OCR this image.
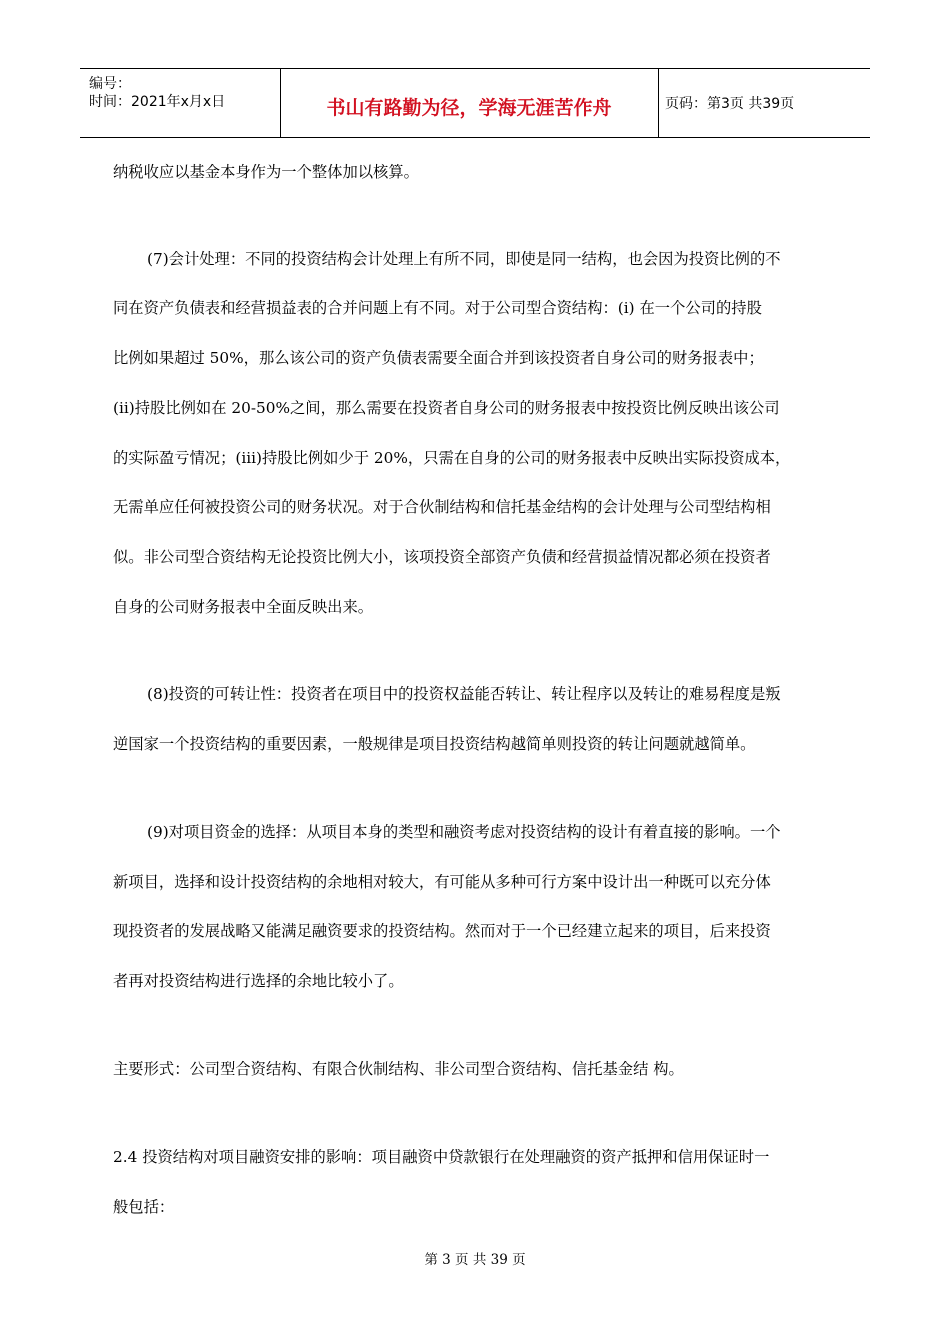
编号：
时间：2021年x月x日	书山有路勤为径，学海无涯苦作舟	页码：第3页 共39页
纳税收应以基金本身作为一个整体加以核算。
(7)会计处理：不同的投资结构会计处理上有所不同，即使是同一结构，也会因为投资比例的不
同在资产负债表和经营损益表的合并问题上有不同。对于公司型合资结构：(i) 在一个公司的持股
比例如果超过 50%，那么该公司的资产负债表需要全面合并到该投资者自身公司的财务报表中；
(ii)持股比例如在 20-50%之间，那么需要在投资者自身公司的财务报表中按投资比例反映出该公司
的实际盈亏情况；(iii)持股比例如少于 20%，只需在自身的公司的财务报表中反映出实际投资成本，
无需单应任何被投资公司的财务状况。对于合伙制结构和信托基金结构的会计处理与公司型结构相
似。非公司型合资结构无论投资比例大小，该项投资全部资产负债和经营损益情况都必须在投资者
自身的公司财务报表中全面反映出来。
(8)投资的可转让性：投资者在项目中的投资权益能否转让、转让程序以及转让的难易程度是叛
逆国家一个投资结构的重要因素，一般规律是项目投资结构越简单则投资的转让问题就越简单。
(9)对项目资金的选择：从项目本身的类型和融资考虑对投资结构的设计有着直接的影响。一个
新项目，选择和设计投资结构的余地相对较大，有可能从多种可行方案中设计出一种既可以充分体
现投资者的发展战略又能满足融资要求的投资结构。然而对于一个已经建立起来的项目，后来投资
者再对投资结构进行选择的余地比较小了。
主要形式：公司型合资结构、有限合伙制结构、非公司型合资结构、信托基金结 构。
2.4 投资结构对项目融资安排的影响：项目融资中贷款银行在处理融资的资产抵押和信用保证时一
般包括：
第 3 页 共 39 页
